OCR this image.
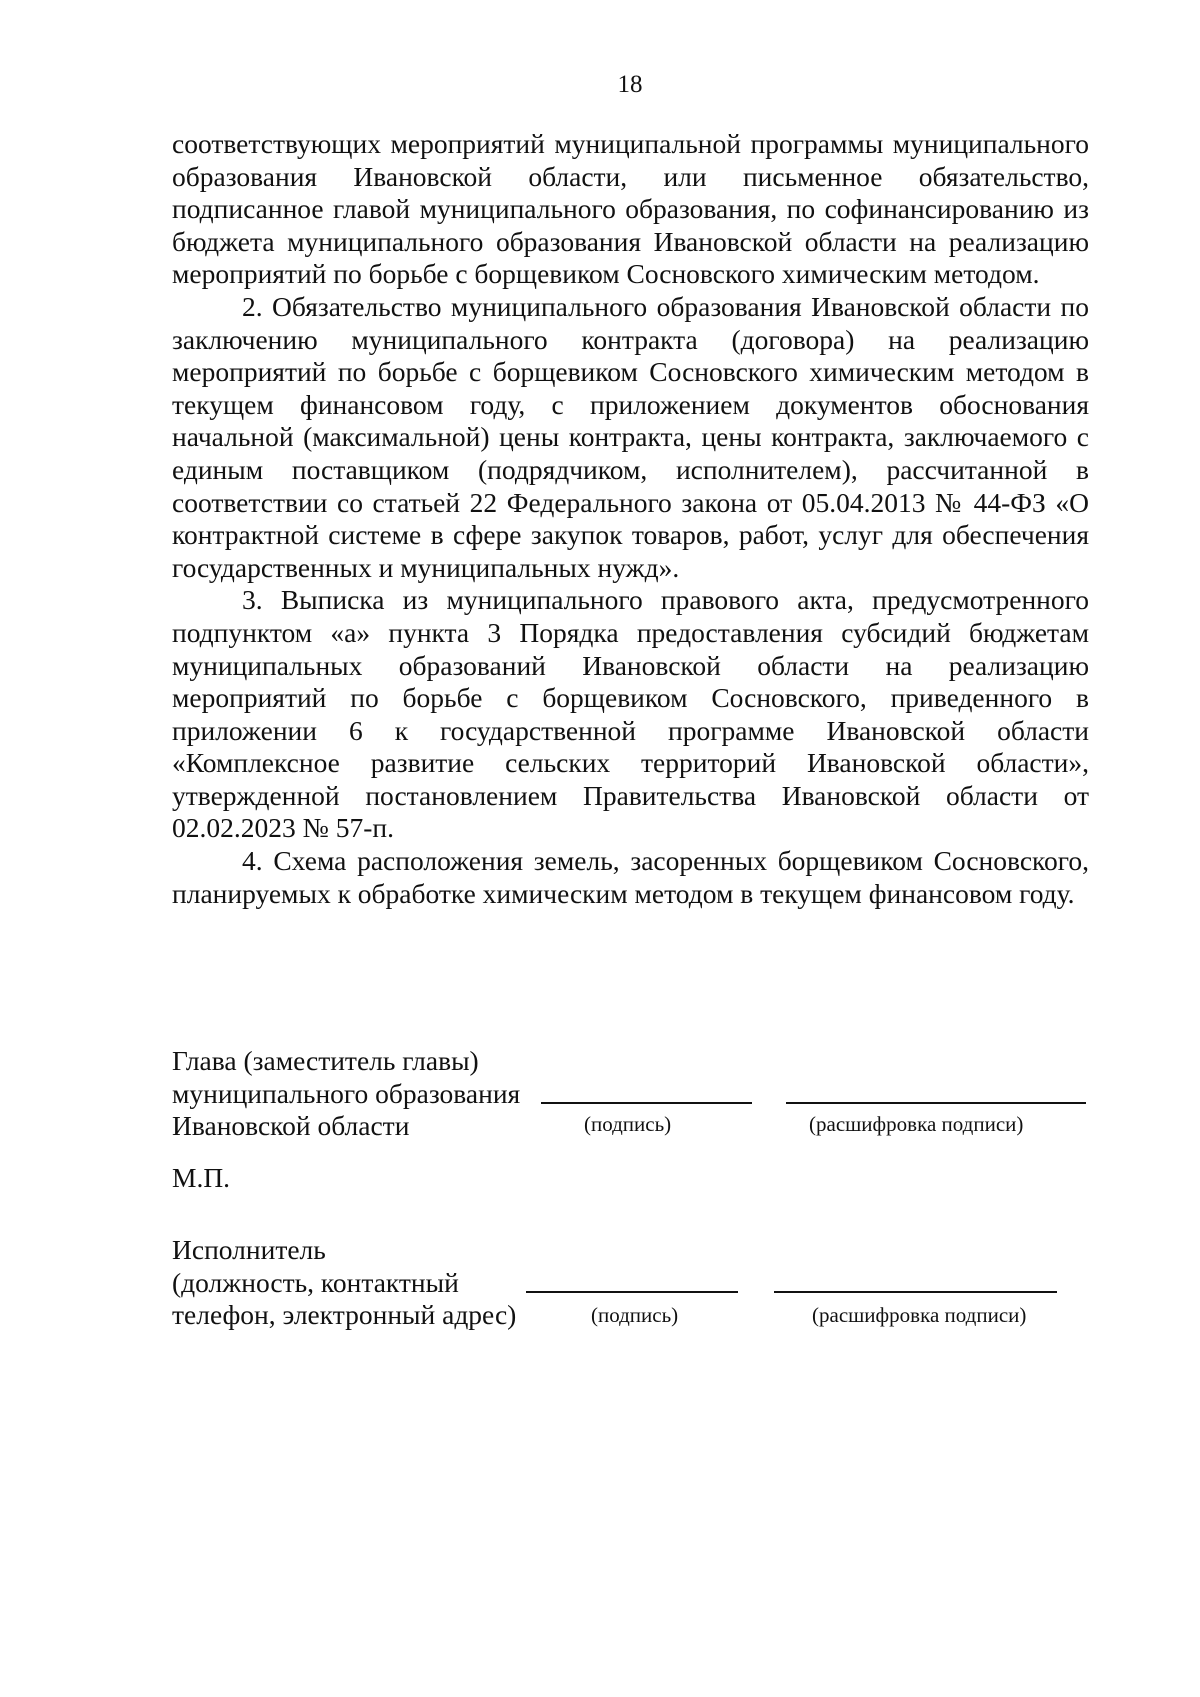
18

соответствующих мероприятий муниципальной программы муниципального образования Ивановской области, или письменное обязательство, подписанное главой муниципального образования, по софинансированию из бюджета муниципального образования Ивановской области на реализацию мероприятий по борьбе с борщевиком Сосновского химическим методом.

2. Обязательство муниципального образования Ивановской области по заключению муниципального контракта (договора) на реализацию мероприятий по борьбе с борщевиком Сосновского химическим методом в текущем финансовом году, с приложением документов обоснования начальной (максимальной) цены контракта, цены контракта, заключаемого с единым поставщиком (подрядчиком, исполнителем), рассчитанной в соответствии со статьей 22 Федерального закона от 05.04.2013 № 44-ФЗ «О контрактной системе в сфере закупок товаров, работ, услуг для обеспечения государственных и муниципальных нужд».

3. Выписка из муниципального правового акта, предусмотренного подпунктом «а» пункта 3 Порядка предоставления субсидий бюджетам муниципальных образований Ивановской области на реализацию мероприятий по борьбе с борщевиком Сосновского, приведенного в приложении 6 к государственной программе Ивановской области «Комплексное развитие сельских территорий Ивановской области», утвержденной постановлением Правительства Ивановской области от 02.02.2023 № 57-п.

4. Схема расположения земель, засоренных борщевиком Сосновского, планируемых к обработке химическим методом в текущем финансовом году.

Глава (заместитель главы)
муниципального образования
Ивановской области	(подпись)	(расшифровка подписи)
М.П.
Исполнитель
(должность, контактный
телефон, электронный адрес)	(подпись)	(расшифровка подписи)
